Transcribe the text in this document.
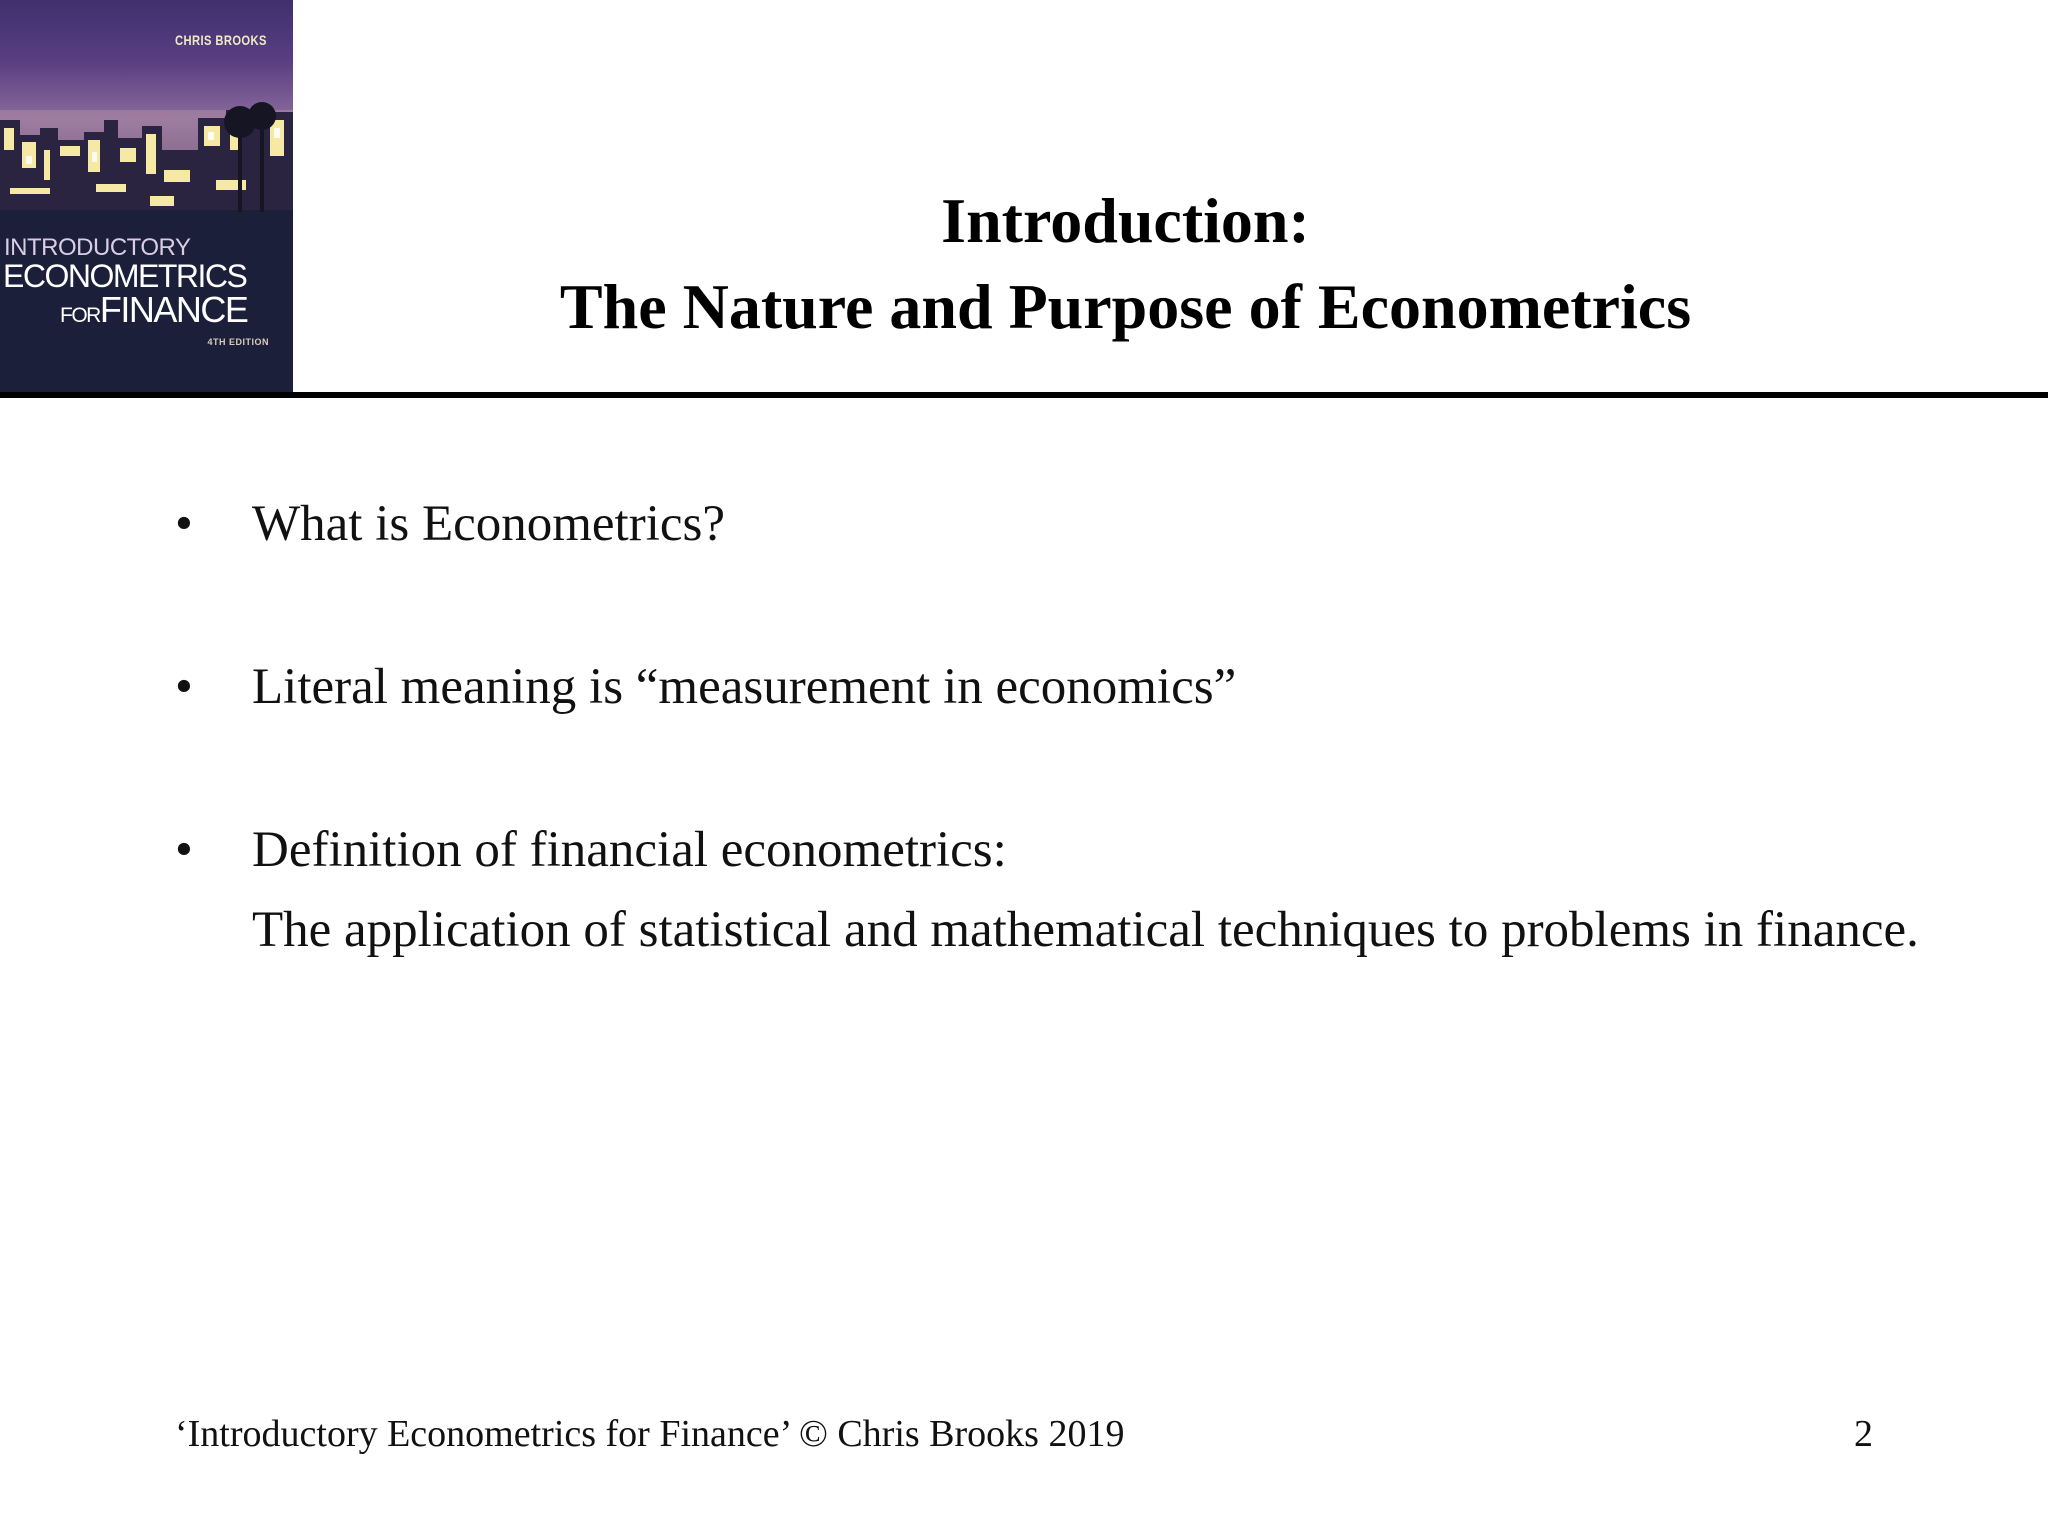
CHRIS BROOKS
INTRODUCTORY
ECONOMETRICS
FORFINANCE
4TH EDITION
Introduction:
The Nature and Purpose of Econometrics
• What is Econometrics?
• Literal meaning is “measurement in economics”
• Definition of financial econometrics:
The application of statistical and mathematical techniques to problems in finance.
‘Introductory Econometrics for Finance’ © Chris Brooks 2019	2
